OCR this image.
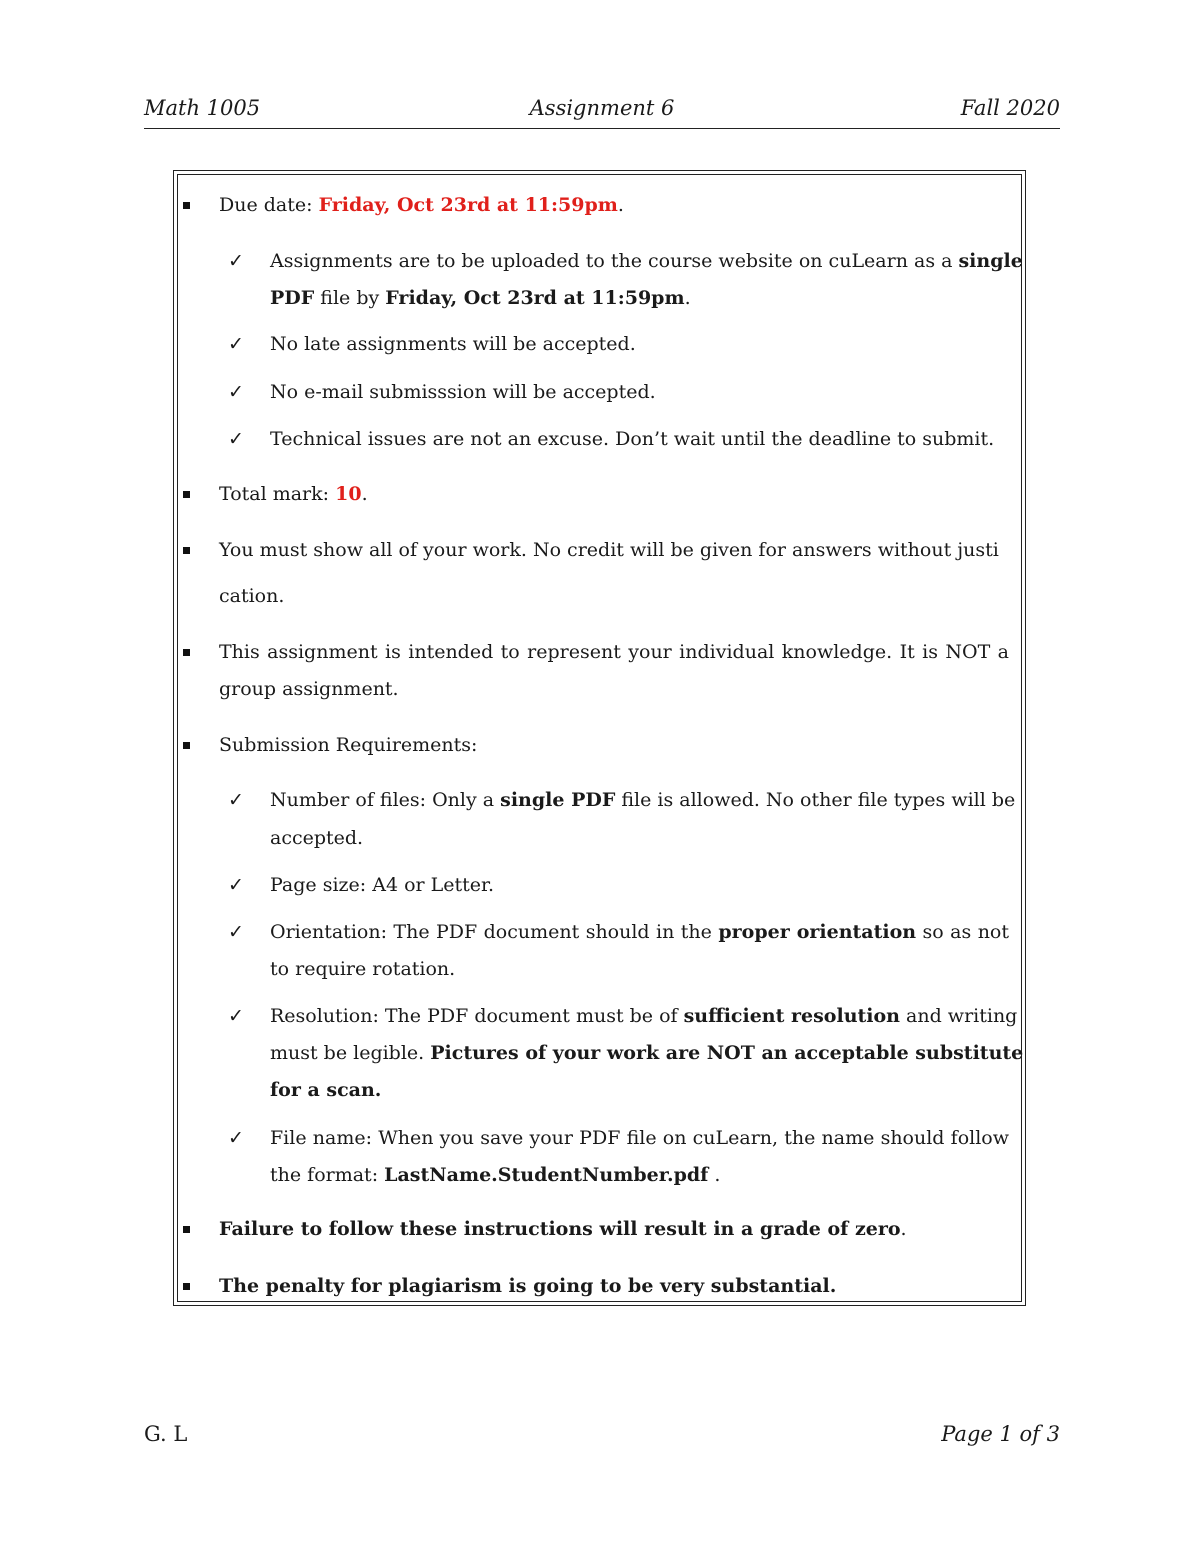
Math 1005	Assignment 6	Fall 2020
Due date: Friday, Oct 23rd at 11:59pm.
✓ Assignments are to be uploaded to the course website on cuLearn as a single
PDF file by Friday, Oct 23rd at 11:59pm.
✓ No late assignments will be accepted.
✓ No e-mail submisssion will be accepted.
✓ Technical issues are not an excuse. Don’t wait until the deadline to submit.
Total mark: 10.
You must show all of your work. No credit will be given for answers without justi
cation.
This assignment is intended to represent your individual knowledge. It is NOT a
group assignment.
Submission Requirements:
✓ Number of files: Only a single PDF file is allowed. No other file types will be
accepted.
✓ Page size: A4 or Letter.
✓ Orientation: The PDF document should in the proper orientation so as not
to require rotation.
✓ Resolution: The PDF document must be of sufficient resolution and writing
must be legible. Pictures of your work are NOT an acceptable substitute
for a scan.
✓ File name: When you save your PDF file on cuLearn, the name should follow
the format: LastName.StudentNumber.pdf .
Failure to follow these instructions will result in a grade of zero.
The penalty for plagiarism is going to be very substantial.
G. L	Page 1 of 3
